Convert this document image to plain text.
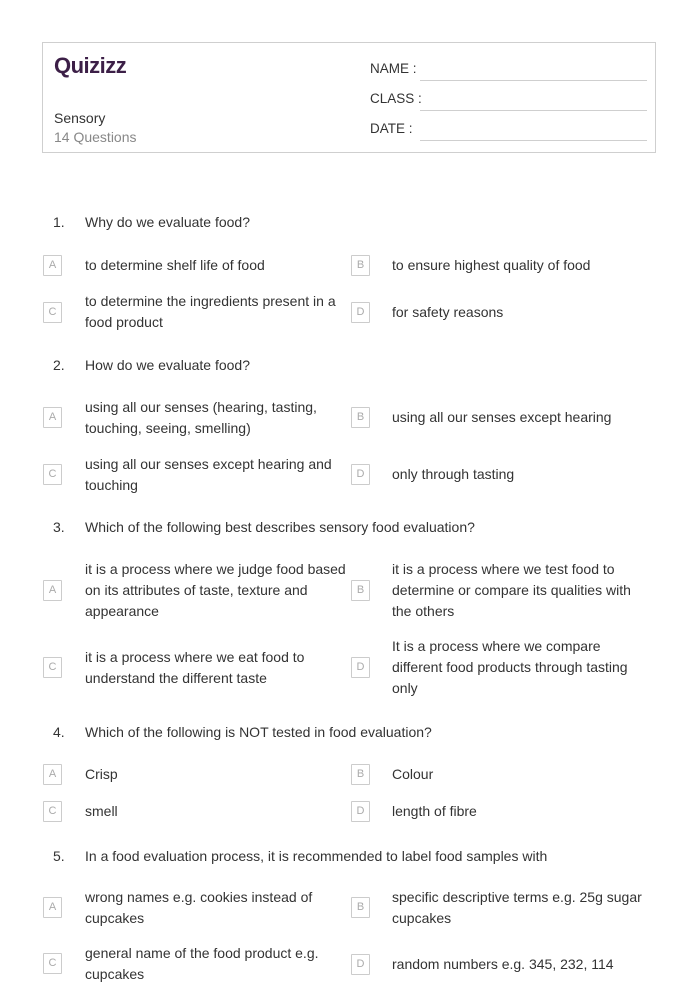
Quizizz
Sensory
14 Questions
NAME :
CLASS :
DATE :
1. Why do we evaluate food?
A	to determine shelf life of food	B	to ensure highest quality of food
C
to determine the ingredients present in a food product
D	for safety reasons
2. How do we evaluate food?
A
using all our senses (hearing, tasting, touching, seeing, smelling)
B	using all our senses except hearing
C
using all our senses except hearing and touching
D	only through tasting
3. Which of the following best describes sensory food evaluation?
A
it is a process where we judge food based on its attributes of taste, texture and appearance
B
it is a process where we test food to determine or compare its qualities with the others
C
it is a process where we eat food to understand the different taste
D
It is a process where we compare different food products through tasting only
4. Which of the following is NOT tested in food evaluation?
A	Crisp	B	Colour
C	smell	D	length of fibre
5. In a food evaluation process, it is recommended to label food samples with
A
wrong names e.g. cookies instead of cupcakes
B
specific descriptive terms e.g. 25g sugar cupcakes
C
general name of the food product e.g. cupcakes
D	random numbers e.g. 345, 232, 114
